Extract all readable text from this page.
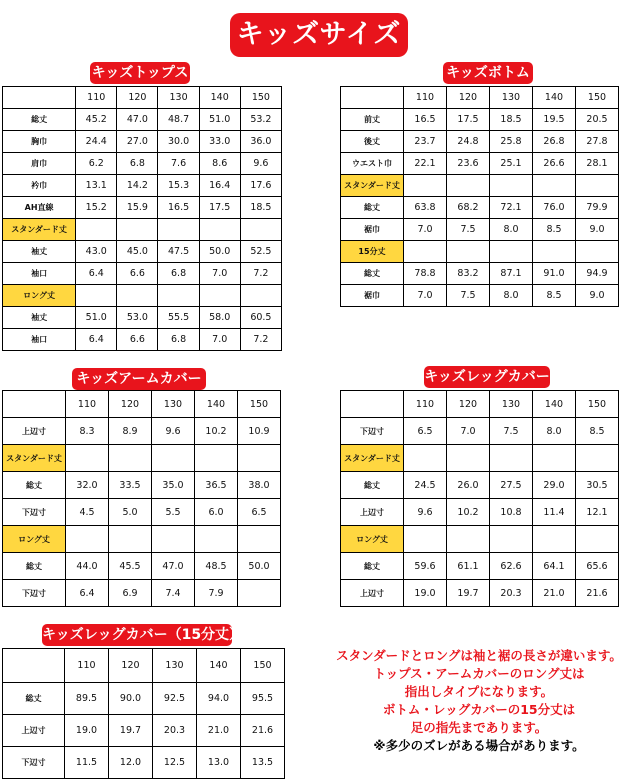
キッズサイズ
キッズトップス
	110	120	130	140	150
総丈	45.2	47.0	48.7	51.0	53.2
胸巾	24.4	27.0	30.0	33.0	36.0
肩巾	6.2	6.8	7.6	8.6	9.6
衿巾	13.1	14.2	15.3	16.4	17.6
AH直線	15.2	15.9	16.5	17.5	18.5
スタンダード丈					
袖丈	43.0	45.0	47.5	50.0	52.5
袖口	6.4	6.6	6.8	7.0	7.2
ロング丈					
袖丈	51.0	53.0	55.5	58.0	60.5
袖口	6.4	6.6	6.8	7.0	7.2
キッズボトム
	110	120	130	140	150
前丈	16.5	17.5	18.5	19.5	20.5
後丈	23.7	24.8	25.8	26.8	27.8
ウエスト巾	22.1	23.6	25.1	26.6	28.1
スタンダード丈					
総丈	63.8	68.2	72.1	76.0	79.9
裾巾	7.0	7.5	8.0	8.5	9.0
15分丈					
総丈	78.8	83.2	87.1	91.0	94.9
裾巾	7.0	7.5	8.0	8.5	9.0
キッズアームカバー
	110	120	130	140	150
上辺寸	8.3	8.9	9.6	10.2	10.9
スタンダード丈					
総丈	32.0	33.5	35.0	36.5	38.0
下辺寸	4.5	5.0	5.5	6.0	6.5
ロング丈					
総丈	44.0	45.5	47.0	48.5	50.0
下辺寸	6.4	6.9	7.4	7.9	
キッズレッグカバー
	110	120	130	140	150
下辺寸	6.5	7.0	7.5	8.0	8.5
スタンダード丈					
総丈	24.5	26.0	27.5	29.0	30.5
上辺寸	9.6	10.2	10.8	11.4	12.1
ロング丈					
総丈	59.6	61.1	62.6	64.1	65.6
上辺寸	19.0	19.7	20.3	21.0	21.6
キッズレッグカバー（15分丈）
	110	120	130	140	150
総丈	89.5	90.0	92.5	94.0	95.5
上辺寸	19.0	19.7	20.3	21.0	21.6
下辺寸	11.5	12.0	12.5	13.0	13.5
スタンダードとロングは袖と裾の長さが違います。
トップス・アームカバーのロング丈は
指出しタイプになります。
ボトム・レッグカバーの15分丈は
足の指先まであります。
※多少のズレがある場合があります。
